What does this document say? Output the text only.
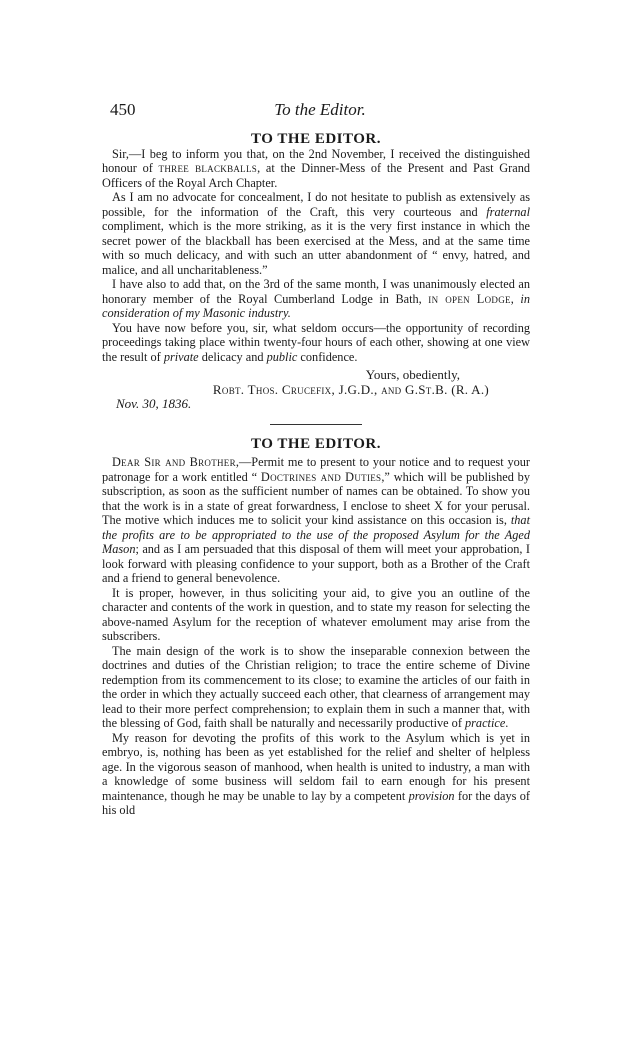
450	To the Editor.
TO THE EDITOR.

Sir,—I beg to inform you that, on the 2nd November, I received the distinguished honour of three blackballs, at the Dinner-Mess of the Present and Past Grand Officers of the Royal Arch Chapter.

As I am no advocate for concealment, I do not hesitate to publish as extensively as possible, for the information of the Craft, this very courteous and fraternal compliment, which is the more striking, as it is the very first instance in which the secret power of the blackball has been exercised at the Mess, and at the same time with so much delicacy, and with such an utter abandonment of “ envy, hatred, and malice, and all uncharitableness.”

I have also to add that, on the 3rd of the same month, I was unanimously elected an honorary member of the Royal Cumberland Lodge in Bath, in open Lodge, in consideration of my Masonic industry.

You have now before you, sir, what seldom occurs—the opportunity of recording proceedings taking place within twenty-four hours of each other, showing at one view the result of private delicacy and public confidence.

Yours, obediently,
Robt. Thos. Crucefix, J.G.D., and G.St.B. (R. A.)
Nov. 30, 1836.
TO THE EDITOR.

Dear Sir and Brother,—Permit me to present to your notice and to request your patronage for a work entitled “ Doctrines and Duties,” which will be published by subscription, as soon as the sufficient number of names can be obtained. To show you that the work is in a state of great forwardness, I enclose to sheet X for your perusal. The motive which induces me to solicit your kind assistance on this occasion is, that the profits are to be appropriated to the use of the proposed Asylum for the Aged Mason; and as I am persuaded that this disposal of them will meet your approbation, I look forward with pleasing confidence to your support, both as a Brother of the Craft and a friend to general benevolence.

It is proper, however, in thus soliciting your aid, to give you an outline of the character and contents of the work in question, and to state my reason for selecting the above-named Asylum for the reception of whatever emolument may arise from the subscribers.

The main design of the work is to show the inseparable connexion between the doctrines and duties of the Christian religion; to trace the entire scheme of Divine redemption from its commencement to its close; to examine the articles of our faith in the order in which they actually succeed each other, that clearness of arrangement may lead to their more perfect comprehension; to explain them in such a manner that, with the blessing of God, faith shall be naturally and necessarily productive of practice.

My reason for devoting the profits of this work to the Asylum which is yet in embryo, is, nothing has been as yet established for the relief and shelter of helpless age. In the vigorous season of manhood, when health is united to industry, a man with a knowledge of some business will seldom fail to earn enough for his present maintenance, though he may be unable to lay by a competent provision for the days of his old
